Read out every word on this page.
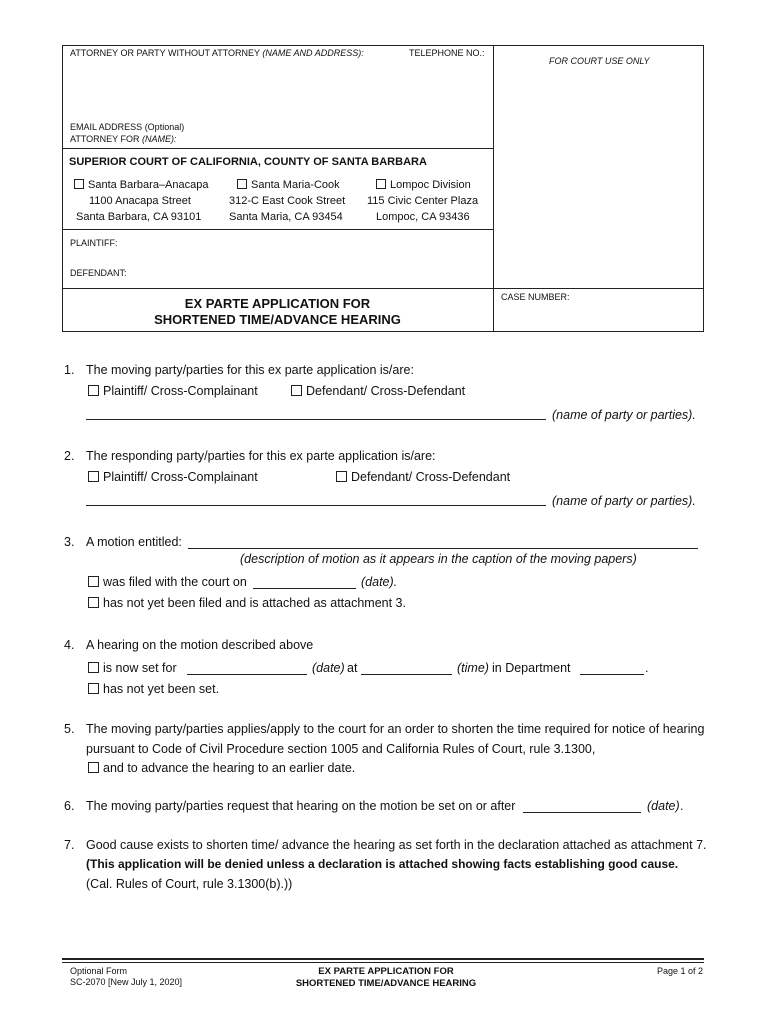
ATTORNEY OR PARTY WITHOUT ATTORNEY (NAME AND ADDRESS):	TELEPHONE NO.:
FOR COURT USE ONLY
EMAIL ADDRESS (Optional)
ATTORNEY FOR (NAME):
SUPERIOR COURT OF CALIFORNIA, COUNTY OF SANTA BARBARA
Santa Barbara–Anacapa
1100 Anacapa Street
Santa Barbara, CA 93101
Santa Maria-Cook
312-C East Cook Street
Santa Maria, CA 93454
Lompoc Division
115 Civic Center Plaza
Lompoc, CA 93436
PLAINTIFF:
DEFENDANT:
EX PARTE APPLICATION FOR
SHORTENED TIME/ADVANCE HEARING
CASE NUMBER:
1. The moving party/parties for this ex parte application is/are:
Plaintiff/ Cross-Complainant	Defendant/ Cross-Defendant
(name of party or parties).
2. The responding party/parties for this ex parte application is/are:
Plaintiff/ Cross-Complainant	Defendant/ Cross-Defendant
(name of party or parties).
3. A motion entitled:
(description of motion as it appears in the caption of the moving papers)
was filed with the court on	(date).
has not yet been filed and is attached as attachment 3.
4. A hearing on the motion described above
is now set for	(date) at	(time) in Department	.
has not yet been set.
5. The moving party/parties applies/apply to the court for an order to shorten the time required for notice of hearing
pursuant to Code of Civil Procedure section 1005 and California Rules of Court, rule 3.1300,
and to advance the hearing to an earlier date.
6. The moving party/parties request that hearing on the motion be set on or after	(date) .
7. Good cause exists to shorten time/ advance the hearing as set forth in the declaration attached as attachment 7.
(This application will be denied unless a declaration is attached showing facts establishing good cause.
(Cal. Rules of Court, rule 3.1300(b).))
Optional Form
SC-2070 [New July 1, 2020]
EX PARTE APPLICATION FOR
SHORTENED TIME/ADVANCE HEARING
Page 1 of 2
